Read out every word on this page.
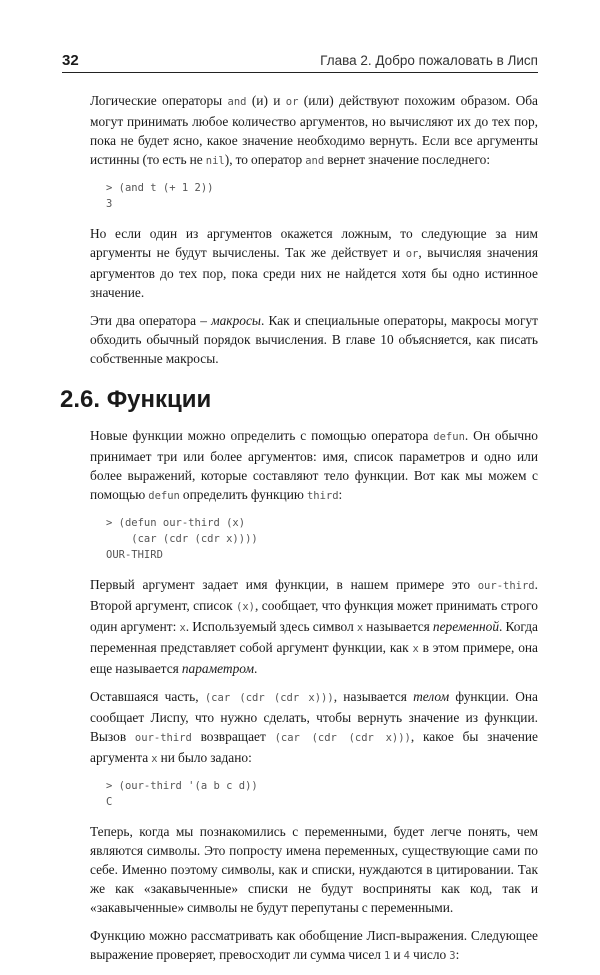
32	Глава 2. Добро пожаловать в Лисп

Логические операторы and (и) и or (или) действуют похожим образом. Оба могут принимать любое количество аргументов, но вычисляют их до тех пор, пока не будет ясно, какое значение необходимо вернуть. Если все аргументы истинны (то есть не nil), то оператор and вернет значение последнего:

> (and t (+ 1 2))
3

Но если один из аргументов окажется ложным, то следующие за ним аргументы не будут вычислены. Так же действует и or, вычисляя значения аргументов до тех пор, пока среди них не найдется хотя бы одно истинное значение.

Эти два оператора – макросы. Как и специальные операторы, макросы могут обходить обычный порядок вычисления. В главе 10 объясняется, как писать собственные макросы.

2.6. Функции

Новые функции можно определить с помощью оператора defun. Он обычно принимает три или более аргументов: имя, список параметров и одно или более выражений, которые составляют тело функции. Вот как мы можем с помощью defun определить функцию third:

> (defun our-third (x)
(car (cdr (cdr x))))
OUR-THIRD

Первый аргумент задает имя функции, в нашем примере это our-third. Второй аргумент, список (x), сообщает, что функция может принимать строго один аргумент: x. Используемый здесь символ x называется переменной. Когда переменная представляет собой аргумент функции, как x в этом примере, она еще называется параметром.

Оставшаяся часть, (car (cdr (cdr x))), называется телом функции. Она сообщает Лиспу, что нужно сделать, чтобы вернуть значение из функции. Вызов our-third возвращает (car (cdr (cdr x))), какое бы значение аргумента x ни было задано:

> (our-third '(a b c d))
C

Теперь, когда мы познакомились с переменными, будет легче понять, чем являются символы. Это попросту имена переменных, существующие сами по себе. Именно поэтому символы, как и списки, нуждаются в цитировании. Так же как «закавыченные» списки не будут восприняты как код, так и «закавыченные» символы не будут перепутаны с переменными.

Функцию можно рассматривать как обобщение Лисп-выражения. Следующее выражение проверяет, превосходит ли сумма чисел 1 и 4 число 3:
